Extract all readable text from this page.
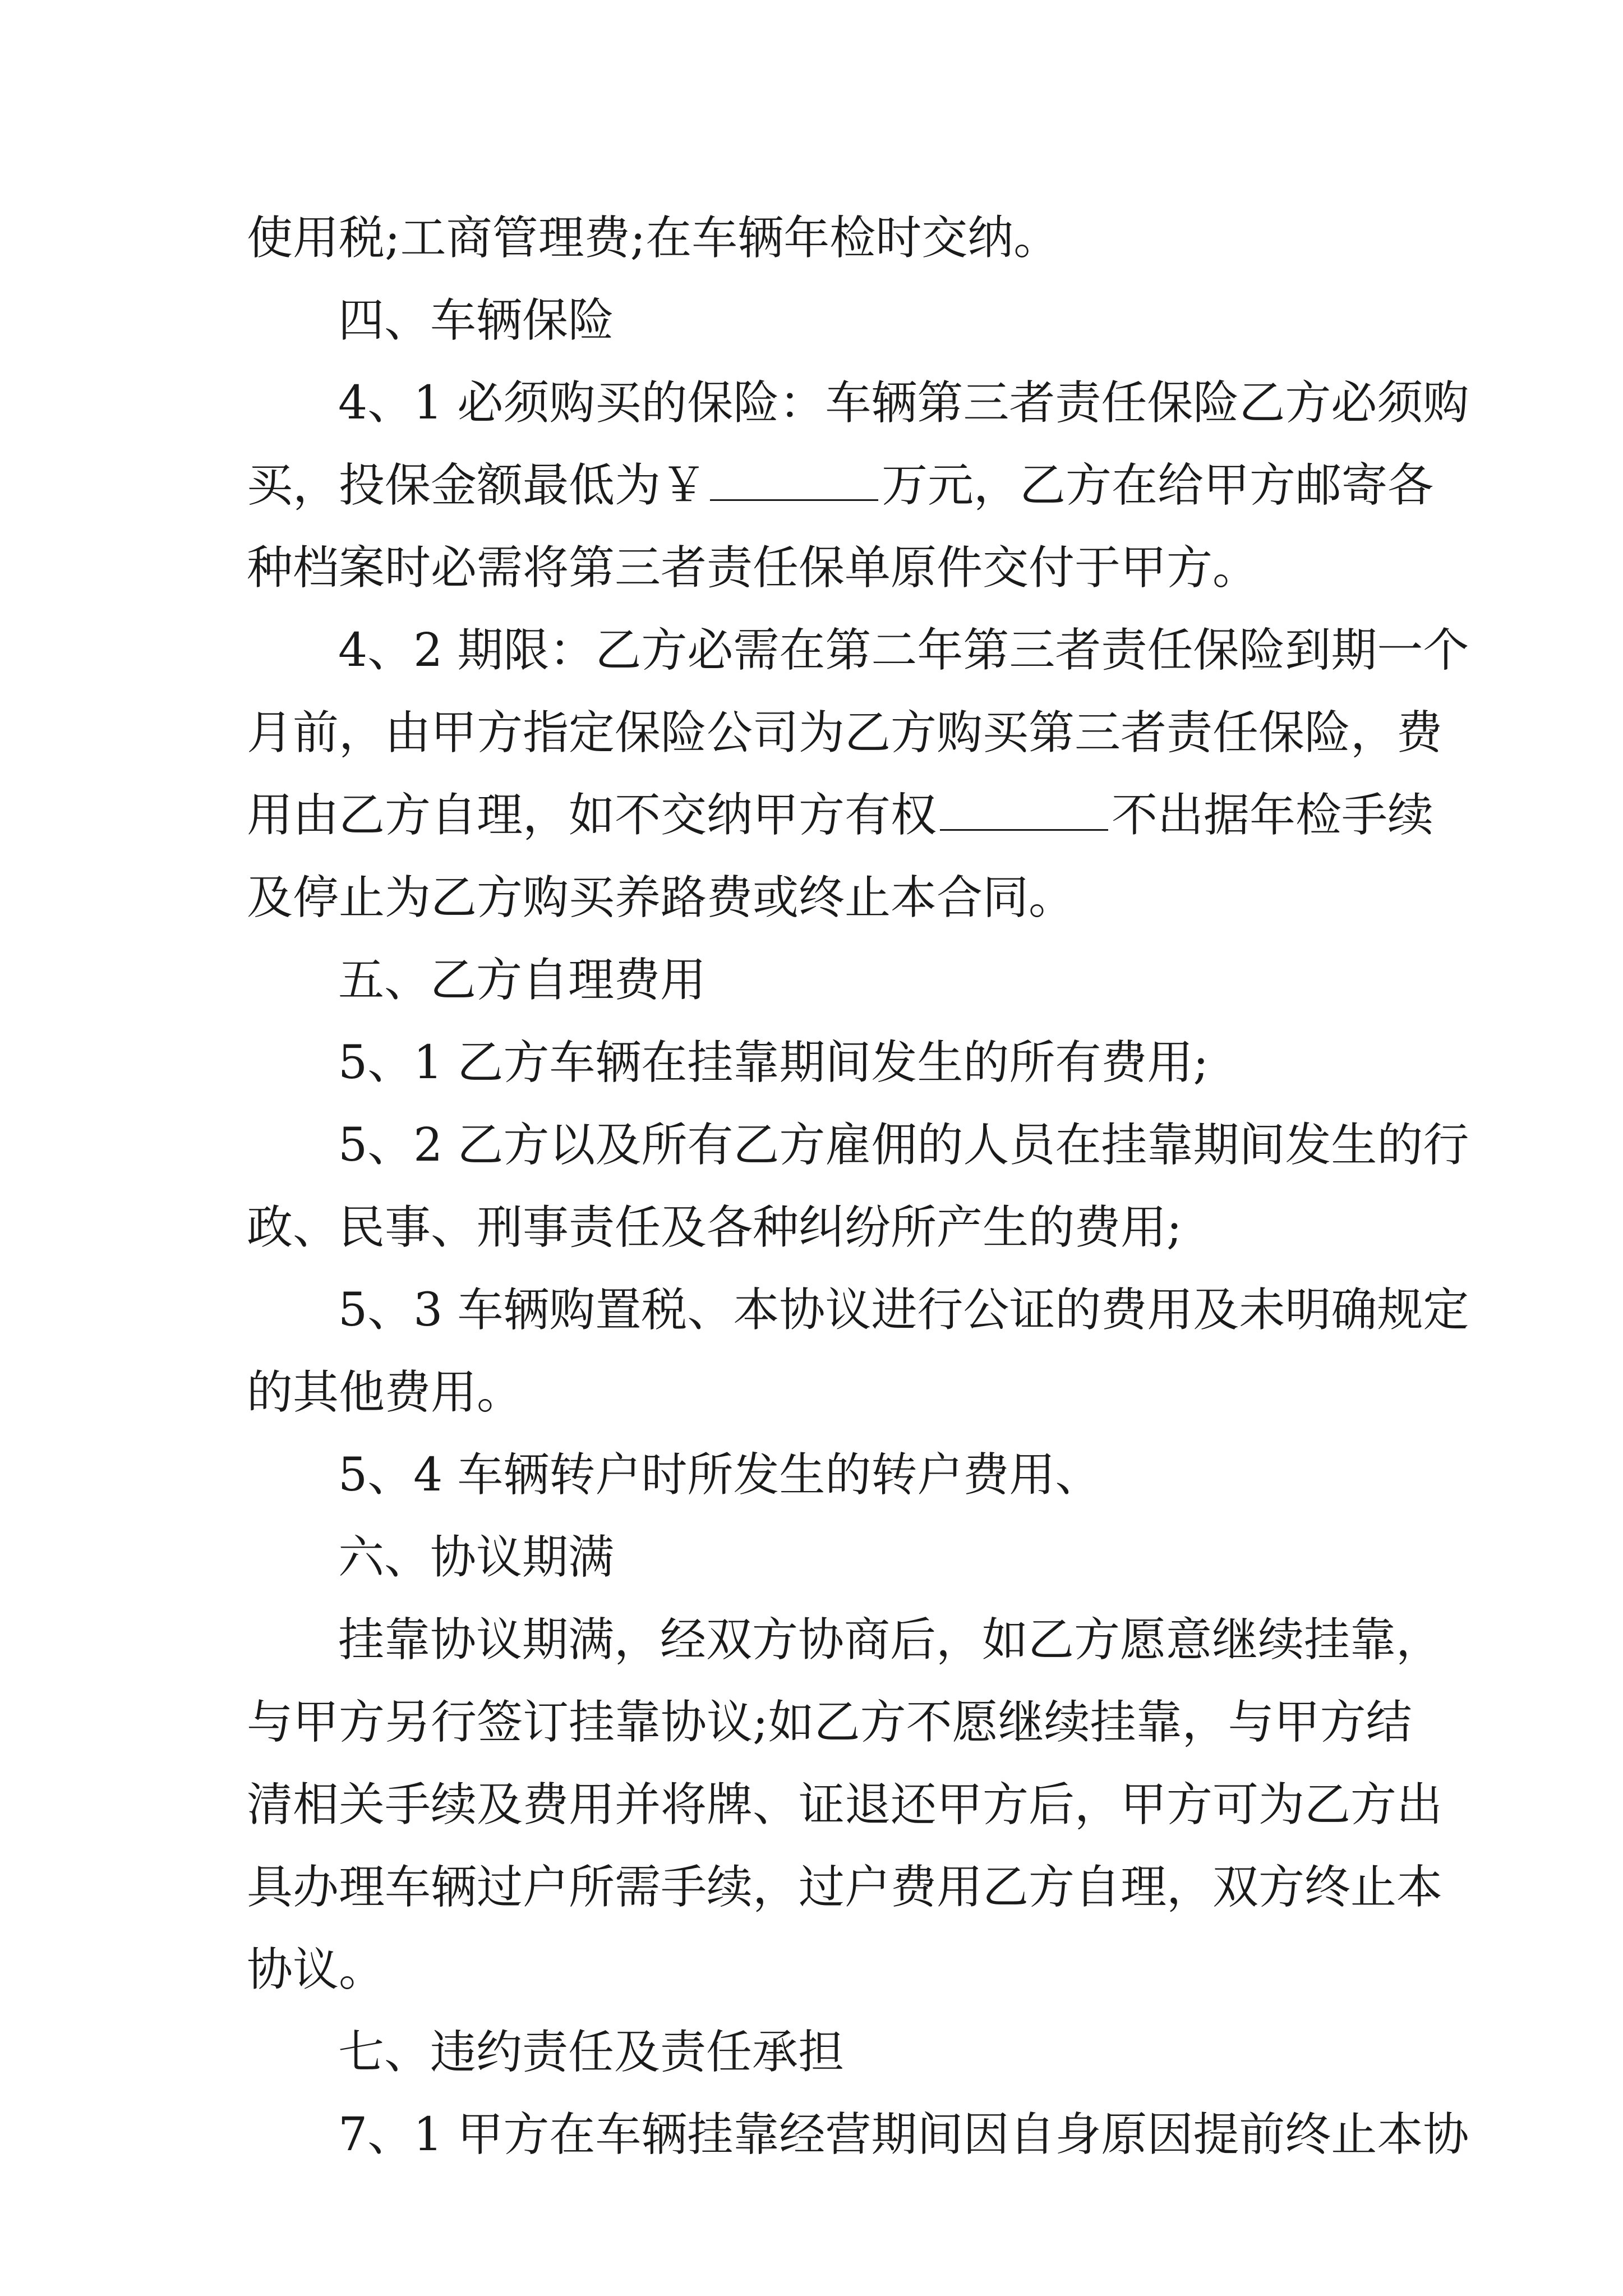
使用税;工商管理费;在车辆年检时交纳。

四、车辆保险

4、1 必须购买的保险：车辆第三者责任保险乙方必须购

买，投保金额最低为￥	万元，乙方在给甲方邮寄各

种档案时必需将第三者责任保单原件交付于甲方。

4、2 期限：乙方必需在第二年第三者责任保险到期一个

月前，由甲方指定保险公司为乙方购买第三者责任保险，费

用由乙方自理，如不交纳甲方有权	不出据年检手续

及停止为乙方购买养路费或终止本合同。

五、乙方自理费用

5、1 乙方车辆在挂靠期间发生的所有费用;

5、2 乙方以及所有乙方雇佣的人员在挂靠期间发生的行

政、民事、刑事责任及各种纠纷所产生的费用;

5、3 车辆购置税、本协议进行公证的费用及未明确规定

的其他费用。

5、4 车辆转户时所发生的转户费用、

六、协议期满

挂靠协议期满，经双方协商后，如乙方愿意继续挂靠，

与甲方另行签订挂靠协议;如乙方不愿继续挂靠，与甲方结

清相关手续及费用并将牌、证退还甲方后，甲方可为乙方出

具办理车辆过户所需手续，过户费用乙方自理，双方终止本

协议。

七、违约责任及责任承担

7、1 甲方在车辆挂靠经营期间因自身原因提前终止本协
